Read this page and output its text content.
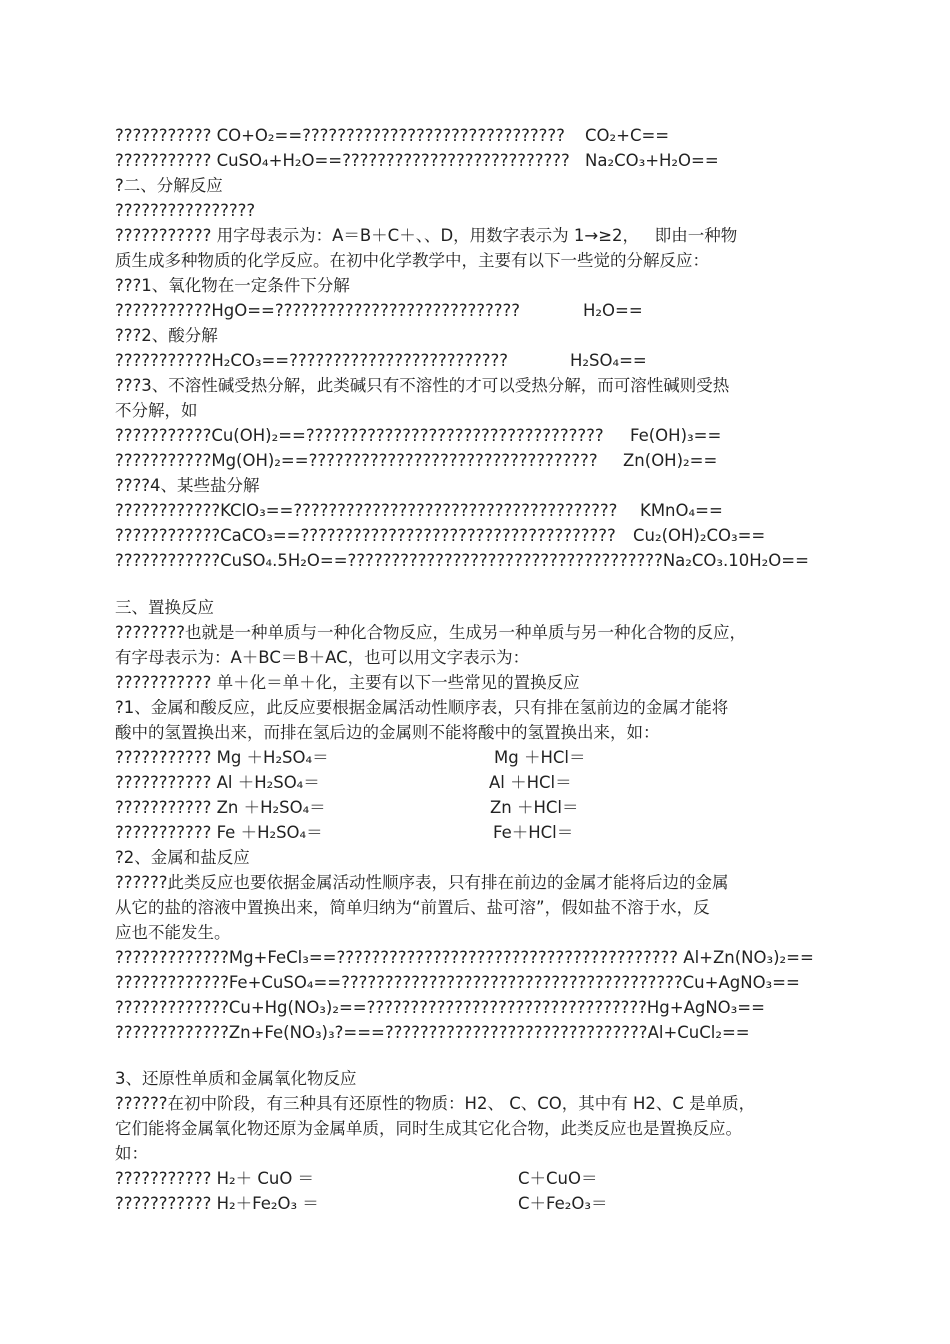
??????????? CO+O₂==?????????????????????????????? CO₂+C==
??????????? CuSO₄+H₂O==?????????????????????????? Na₂CO₃+H₂O==
?二、分解反应
????????????????
??????????? 用字母表示为：A＝B＋C＋、、D，用数字表示为 1→≥2，   即由一种物
质生成多种物质的化学反应。在初中化学教学中，主要有以下一些觉的分解反应：
???1、氧化物在一定条件下分解
???????????HgO==????????????????????????????	H₂O==
???2、酸分解
???????????H₂CO₃==?????????????????????????	H₂SO₄==
???3、不溶性碱受热分解，此类碱只有不溶性的才可以受热分解，而可溶性碱则受热
不分解，如
???????????Cu(OH)₂==?????????????????????????????????? Fe(OH)₃==
???????????Mg(OH)₂==????????????????????????????????? Zn(OH)₂==
????4、某些盐分解
????????????KClO₃==????????????????????????????????????? KMnO₄==
????????????CaCO₃==???????????????????????????????????? Cu₂(OH)₂CO₃==
????????????CuSO₄.5H₂O==????????????????????????????????????Na₂CO₃.10H₂O==
三、置换反应
????????也就是一种单质与一种化合物反应，生成另一种单质与另一种化合物的反应，
有字母表示为：A＋BC＝B＋AC，也可以用文字表示为：
??????????? 单＋化＝单＋化，主要有以下一些常见的置换反应
?1、金属和酸反应，此反应要根据金属活动性顺序表，只有排在氢前边的金属才能将
酸中的氢置换出来，而排在氢后边的金属则不能将酸中的氢置换出来，如：
??????????? Mg ＋H₂SO₄＝	Mg ＋HCl＝
??????????? Al ＋H₂SO₄＝	Al ＋HCl＝
??????????? Zn ＋H₂SO₄＝	Zn ＋HCl＝
??????????? Fe ＋H₂SO₄＝	Fe＋HCl＝
?2、金属和盐反应
??????此类反应也要依据金属活动性顺序表，只有排在前边的金属才能将后边的金属
从它的盐的溶液中置换出来，简单归纳为“前置后、盐可溶”，假如盐不溶于水，反
应也不能发生。
?????????????Mg+FeCl₃==??????????????????????????????????????? Al+Zn(NO₃)₂==
?????????????Fe+CuSO₄==???????????????????????????????????????Cu+AgNO₃==
?????????????Cu+Hg(NO₃)₂==????????????????????????????????Hg+AgNO₃==
?????????????Zn+Fe(NO₃)₃?===??????????????????????????????Al+CuCl₂==
3、还原性单质和金属氧化物反应
??????在初中阶段，有三种具有还原性的物质：H2、 C、CO，其中有 H2、C 是单质，
它们能将金属氧化物还原为金属单质，同时生成其它化合物，此类反应也是置换反应。
如：
??????????? H₂＋ CuO ＝	C＋CuO＝
??????????? H₂＋Fe₂O₃ ＝	C＋Fe₂O₃＝
